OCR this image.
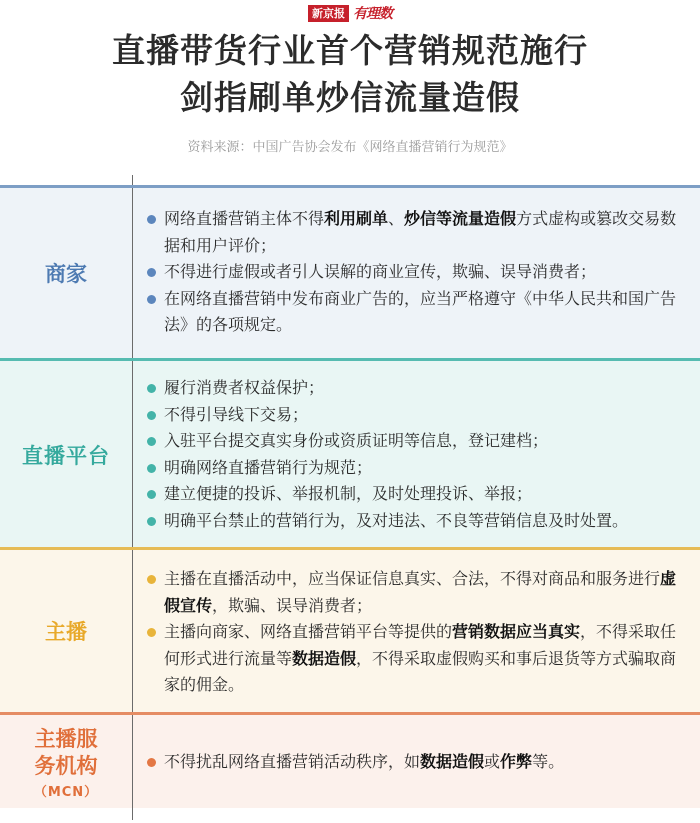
新京报 有理数
直播带货行业首个营销规范施行
剑指刷单炒信流量造假
资料来源：中国广告协会发布《网络直播营销行为规范》
商家
网络直播营销主体不得利用刷单、炒信等流量造假方式虚构或篡改交易数据和用户评价；
不得进行虚假或者引人误解的商业宣传，欺骗、误导消费者；
在网络直播营销中发布商业广告的，应当严格遵守《中华人民共和国广告法》的各项规定。
直播平台
履行消费者权益保护；
不得引导线下交易；
入驻平台提交真实身份或资质证明等信息，登记建档；
明确网络直播营销行为规范；
建立便捷的投诉、举报机制，及时处理投诉、举报；
明确平台禁止的营销行为，及对违法、不良等营销信息及时处置。
主播
主播在直播活动中，应当保证信息真实、合法，不得对商品和服务进行虚假宣传，欺骗、误导消费者；
主播向商家、网络直播营销平台等提供的营销数据应当真实，不得采取任何形式进行流量等数据造假，不得采取虚假购买和事后退货等方式骗取商家的佣金。
主播服
务机构
（MCN）
不得扰乱网络直播营销活动秩序，如数据造假或作弊等。
